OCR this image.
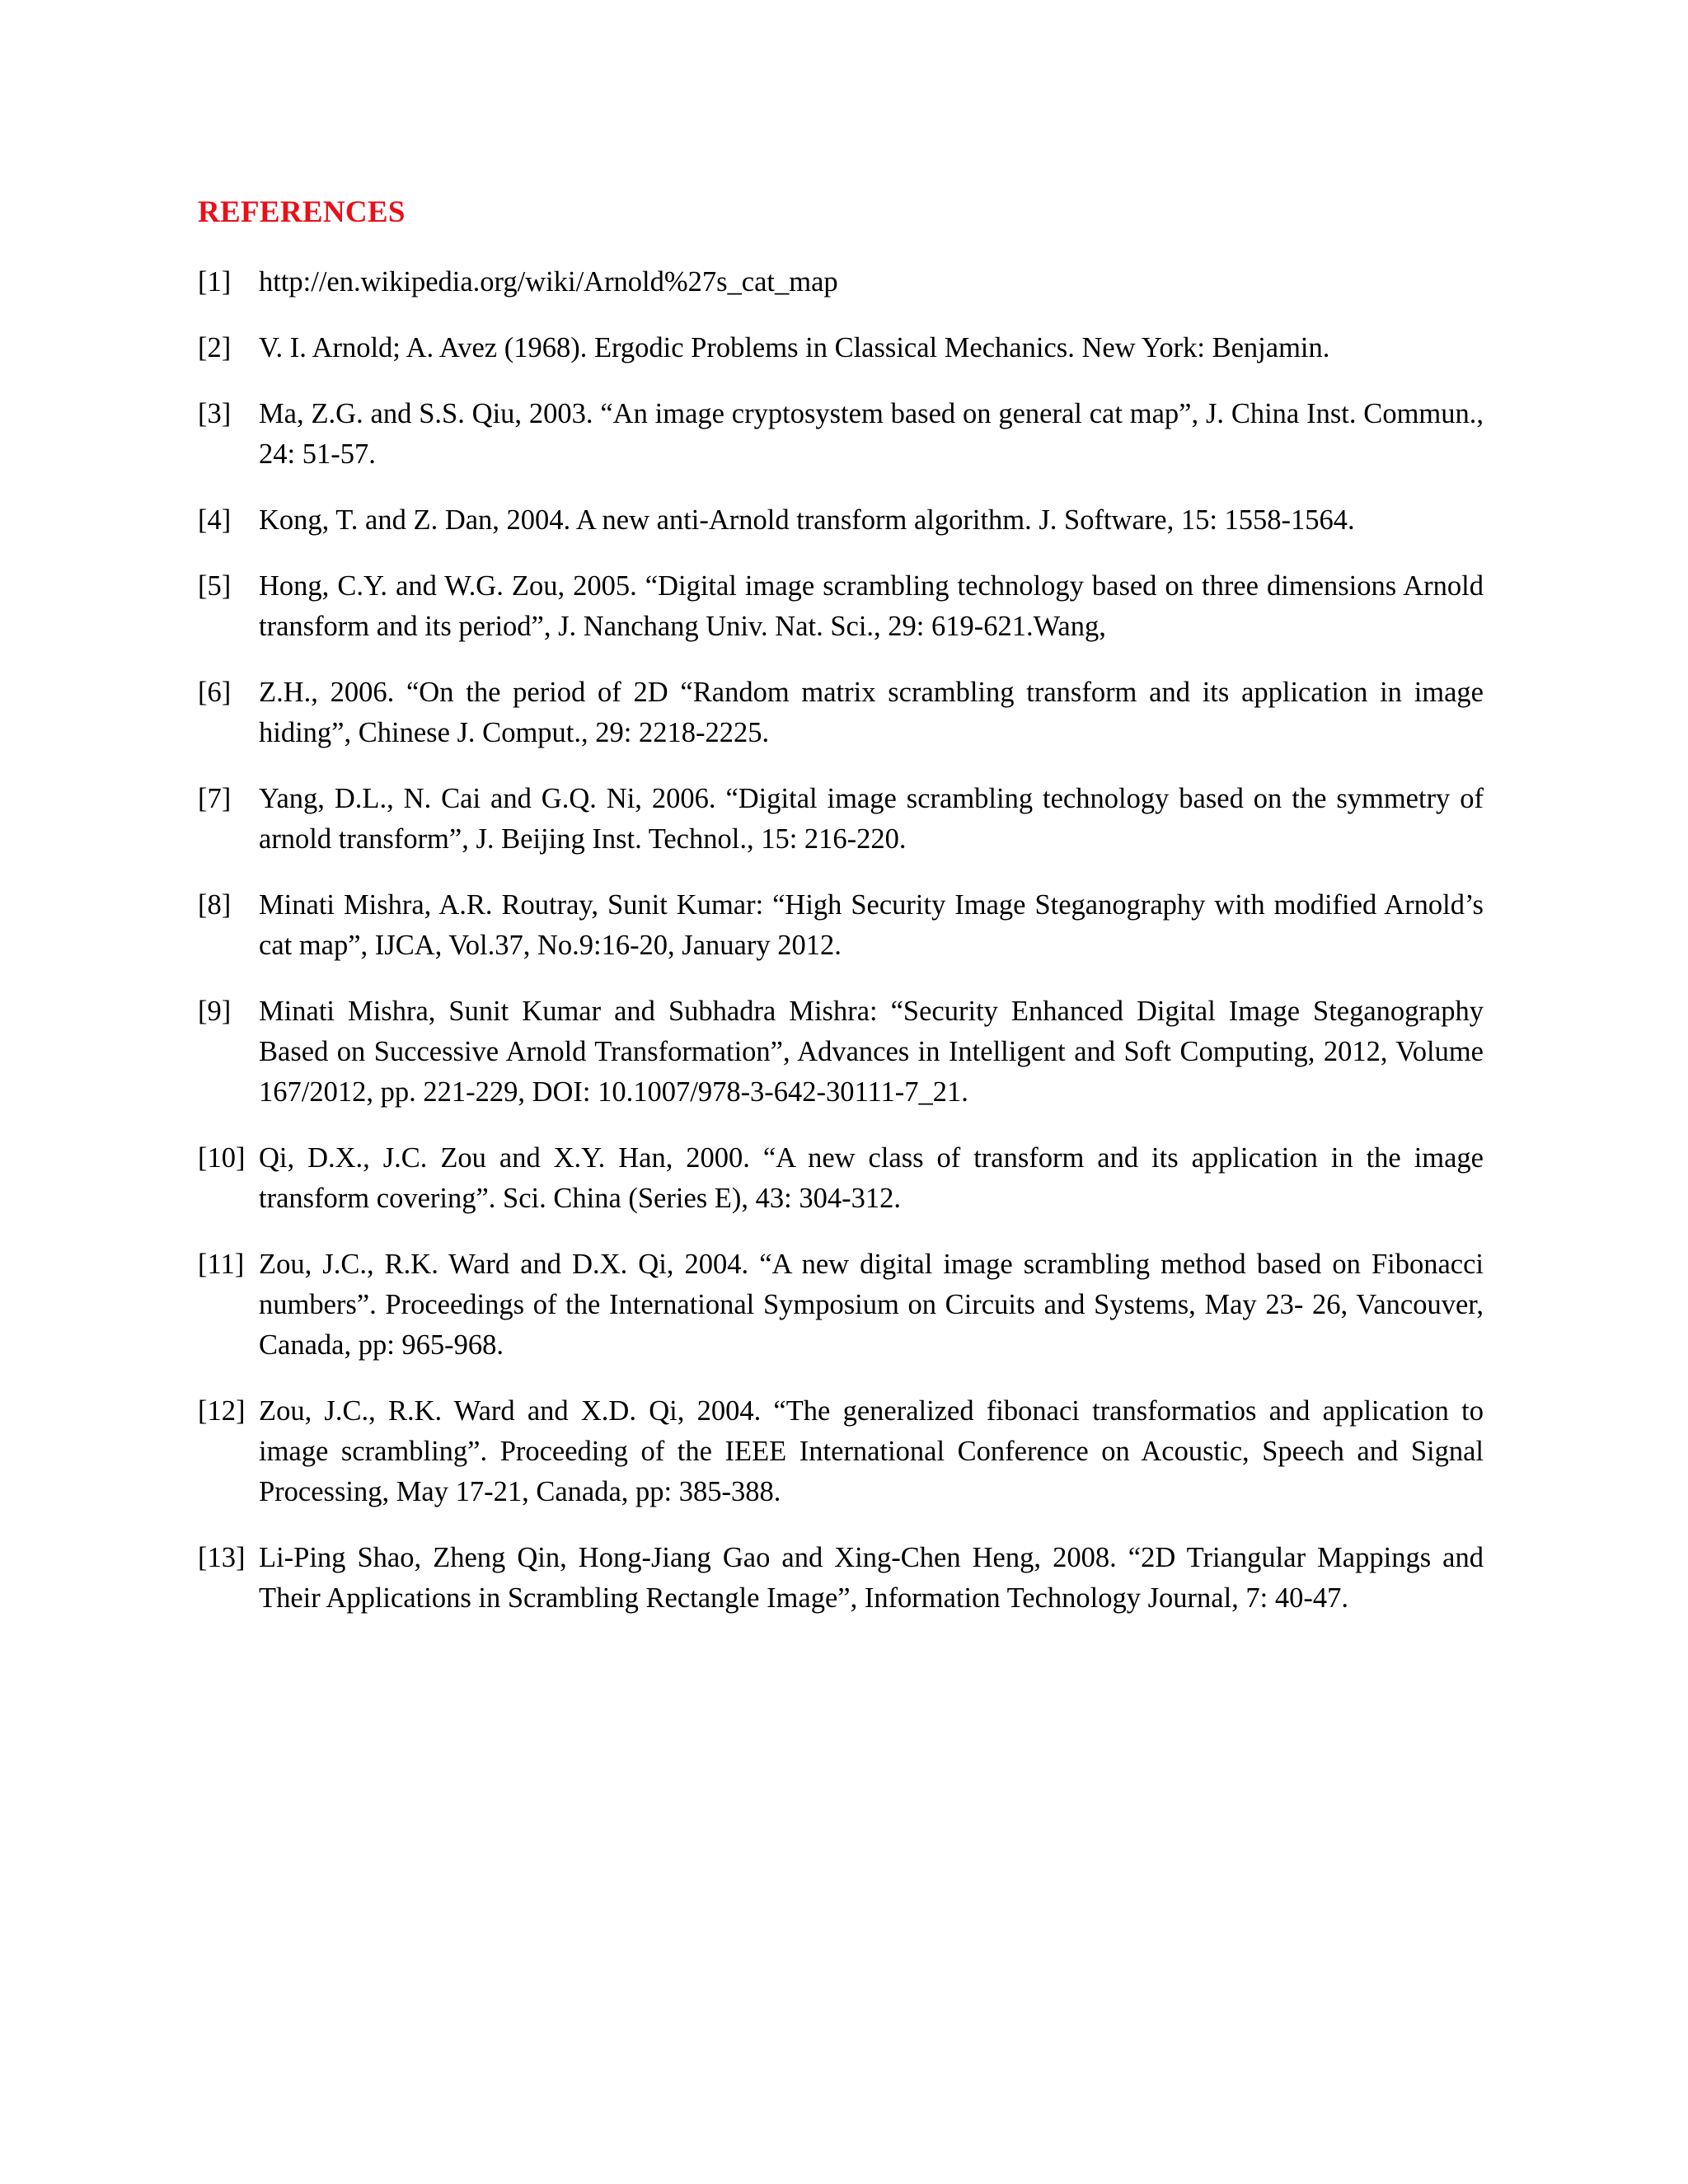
REFERENCES
[1] http://en.wikipedia.org/wiki/Arnold%27s_cat_map
[2] V. I. Arnold; A. Avez (1968). Ergodic Problems in Classical Mechanics. New York: Benjamin.
[3] Ma, Z.G. and S.S. Qiu, 2003. “An image cryptosystem based on general cat map”, J. China Inst. Commun., 24: 51-57.
[4] Kong, T. and Z. Dan, 2004. A new anti-Arnold transform algorithm. J. Software, 15: 1558-1564.
[5] Hong, C.Y. and W.G. Zou, 2005. “Digital image scrambling technology based on three dimensions Arnold transform and its period”, J. Nanchang Univ. Nat. Sci., 29: 619-621.Wang,
[6] Z.H., 2006. “On the period of 2D “Random matrix scrambling transform and its application in image hiding”, Chinese J. Comput., 29: 2218-2225.
[7] Yang, D.L., N. Cai and G.Q. Ni, 2006. “Digital image scrambling technology based on the symmetry of arnold transform”, J. Beijing Inst. Technol., 15: 216-220.
[8] Minati Mishra, A.R. Routray, Sunit Kumar: “High Security Image Steganography with modified Arnold’s cat map”, IJCA, Vol.37, No.9:16-20, January 2012.
[9] Minati Mishra, Sunit Kumar and Subhadra Mishra: “Security Enhanced Digital Image Steganography Based on Successive Arnold Transformation”, Advances in Intelligent and Soft Computing, 2012, Volume 167/2012, pp. 221-229, DOI: 10.1007/978-3-642-30111-7_21.
[10] Qi, D.X., J.C. Zou and X.Y. Han, 2000. “A new class of transform and its application in the image transform covering”. Sci. China (Series E), 43: 304-312.
[11] Zou, J.C., R.K. Ward and D.X. Qi, 2004. “A new digital image scrambling method based on Fibonacci numbers”. Proceedings of the International Symposium on Circuits and Systems, May 23- 26, Vancouver, Canada, pp: 965-968.
[12] Zou, J.C., R.K. Ward and X.D. Qi, 2004. “The generalized fibonaci transformatios and application to image scrambling”. Proceeding of the IEEE International Conference on Acoustic, Speech and Signal Processing, May 17-21, Canada, pp: 385-388.
[13] Li-Ping Shao, Zheng Qin, Hong-Jiang Gao and Xing-Chen Heng, 2008. “2D Triangular Mappings and Their Applications in Scrambling Rectangle Image”, Information Technology Journal, 7: 40-47.
